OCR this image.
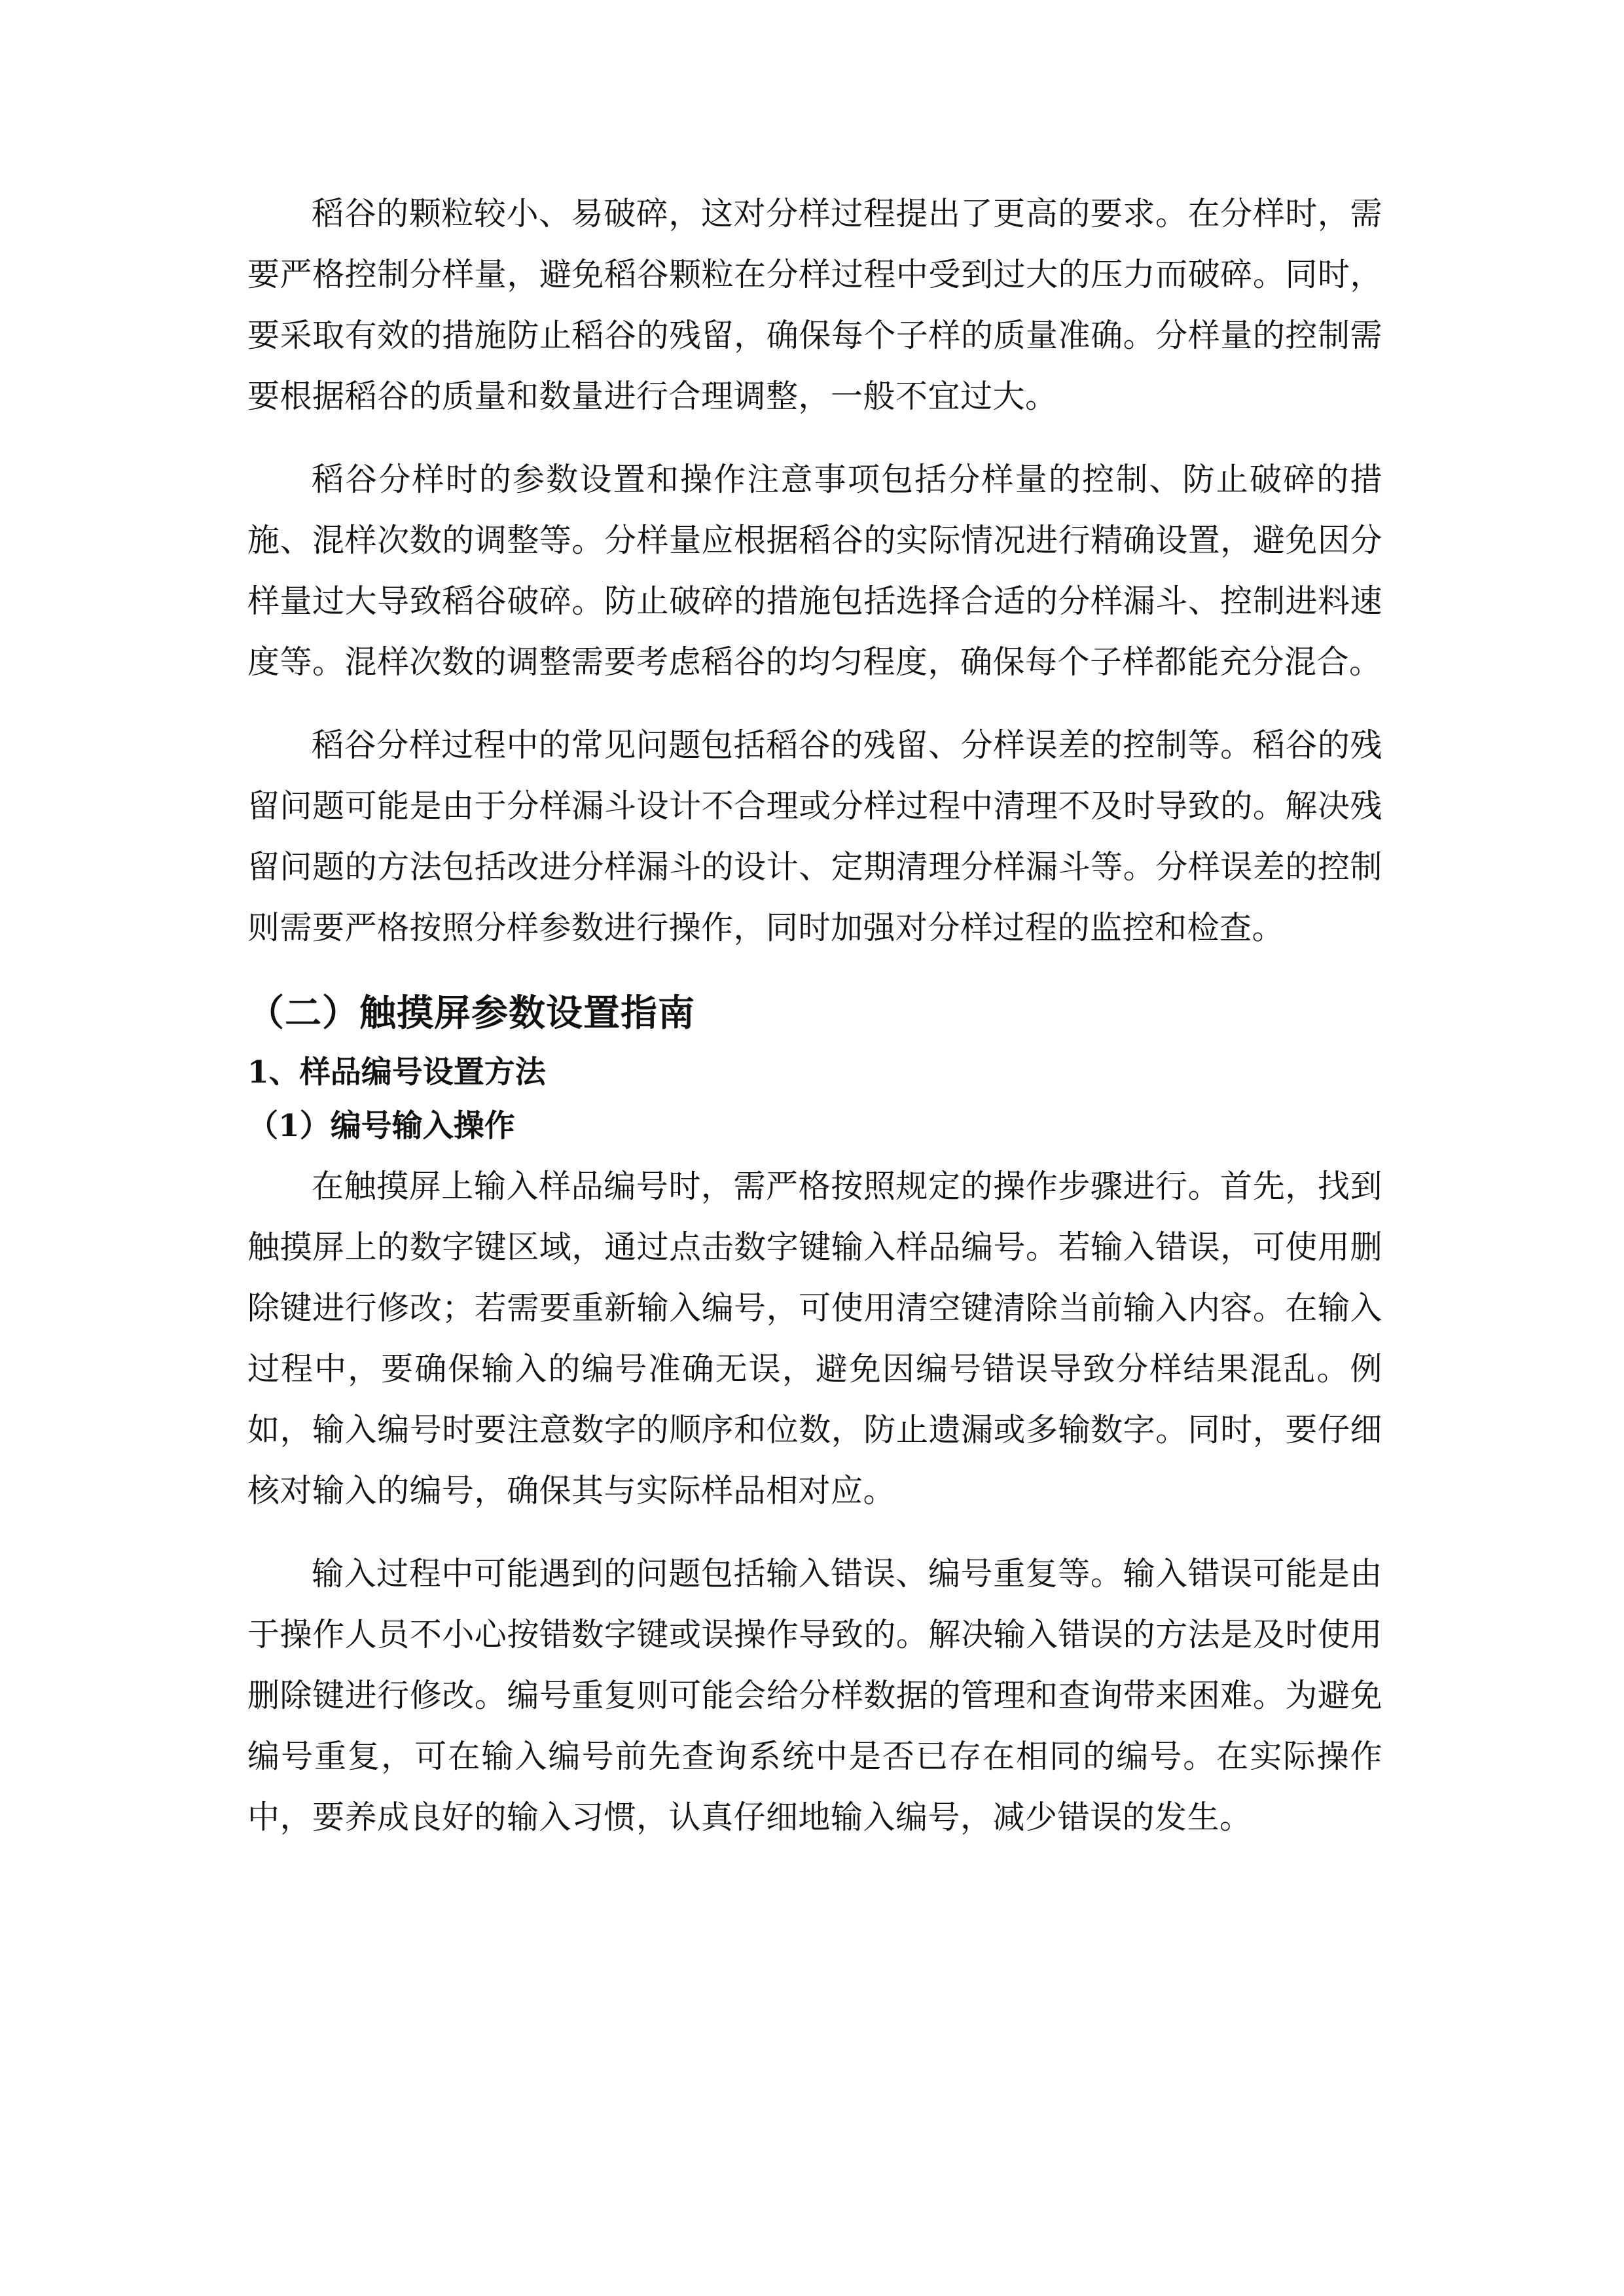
稻谷的颗粒较小、易破碎，这对分样过程提出了更高的要求。在分样时，需要严格控制分样量，避免稻谷颗粒在分样过程中受到过大的压力而破碎。同时，要采取有效的措施防止稻谷的残留，确保每个子样的质量准确。分样量的控制需要根据稻谷的质量和数量进行合理调整，一般不宜过大。

稻谷分样时的参数设置和操作注意事项包括分样量的控制、防止破碎的措施、混样次数的调整等。分样量应根据稻谷的实际情况进行精确设置，避免因分样量过大导致稻谷破碎。防止破碎的措施包括选择合适的分样漏斗、控制进料速度等。混样次数的调整需要考虑稻谷的均匀程度，确保每个子样都能充分混合。

稻谷分样过程中的常见问题包括稻谷的残留、分样误差的控制等。稻谷的残留问题可能是由于分样漏斗设计不合理或分样过程中清理不及时导致的。解决残留问题的方法包括改进分样漏斗的设计、定期清理分样漏斗等。分样误差的控制则需要严格按照分样参数进行操作，同时加强对分样过程的监控和检查。

（二）触摸屏参数设置指南
1、样品编号设置方法
（1）编号输入操作

在触摸屏上输入样品编号时，需严格按照规定的操作步骤进行。首先，找到触摸屏上的数字键区域，通过点击数字键输入样品编号。若输入错误，可使用删除键进行修改；若需要重新输入编号，可使用清空键清除当前输入内容。在输入过程中，要确保输入的编号准确无误，避免因编号错误导致分样结果混乱。例如，输入编号时要注意数字的顺序和位数，防止遗漏或多输数字。同时，要仔细核对输入的编号，确保其与实际样品相对应。

输入过程中可能遇到的问题包括输入错误、编号重复等。输入错误可能是由于操作人员不小心按错数字键或误操作导致的。解决输入错误的方法是及时使用删除键进行修改。编号重复则可能会给分样数据的管理和查询带来困难。为避免编号重复，可在输入编号前先查询系统中是否已存在相同的编号。在实际操作中，要养成良好的输入习惯，认真仔细地输入编号，减少错误的发生。
